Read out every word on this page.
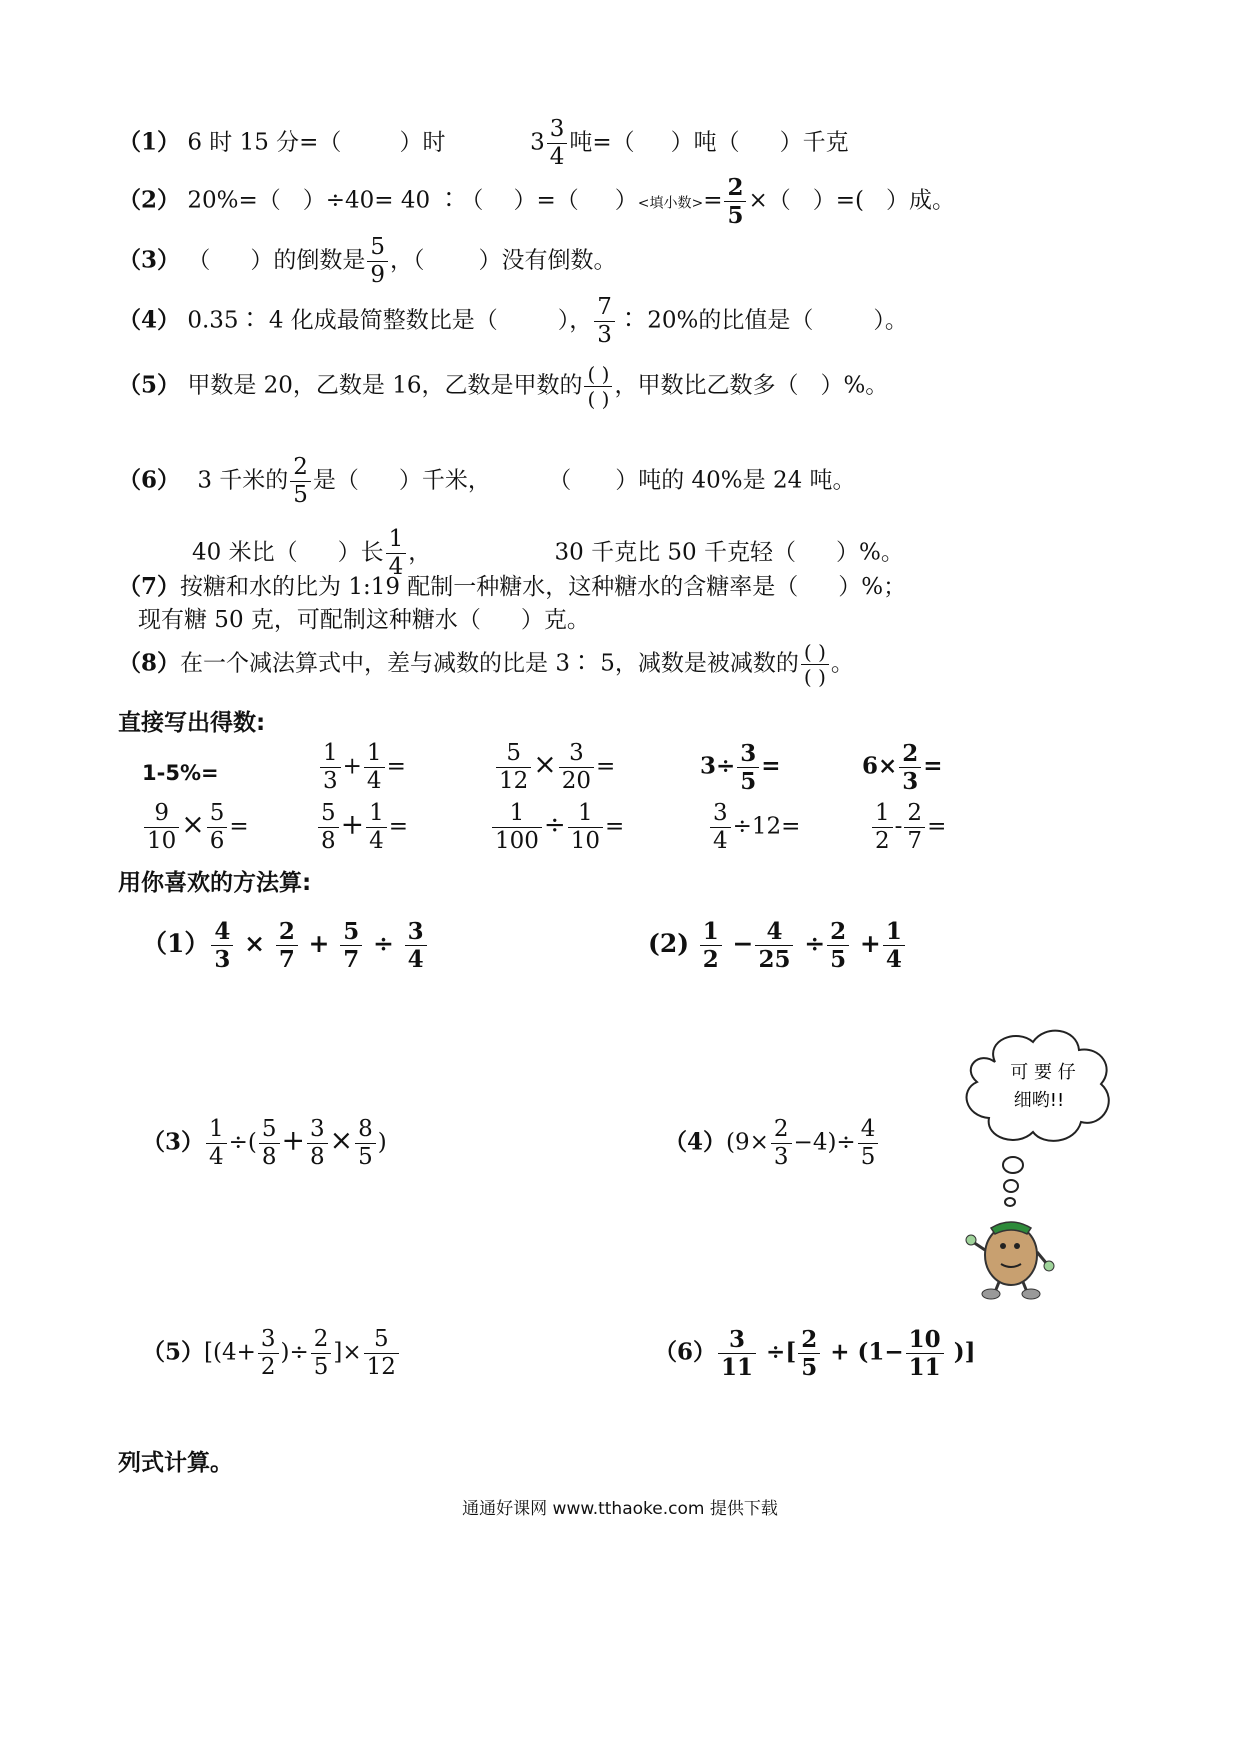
（1） 6 时 15 分=（	）时	$3 \frac{3}{4}$ 吨=（ ）吨（ ）千克
（2） 20%=（ ）÷40= 40 ∶（ ）=（ ）<填小数>= $\frac{2}{5}$ ×（ ）=( ）成。
（3） （ ）的倒数是 $\frac{5}{9}$ ，（ ）没有倒数。
（4） 0.35∶ 4 化成最简整数比是（	）， $\frac{7}{3}$ ∶ 20%的比值是（	）。
（5） 甲数是 20，乙数是 16，乙数是甲数的 $\frac{( )}{( )}$ ，甲数比乙数多（ ）%。
（6） 3 千米的 $\frac{2}{5}$ 是（ ）千米， （ ）吨的 40%是 24 吨。
40 米比（ ）长 $\frac{1}{4}$ ，	30 千克比 50 千克轻（ ）%。
（7）按糖和水的比为 1:19 配制一种糖水，这种糖水的含糖率是（ ）%；
现有糖 50 克，可配制这种糖水（ ）克。
（8）在一个减法算式中，差与减数的比是 3∶ 5，减数是被减数的 $\frac{( )}{( )}$ 。
直接写出得数:
1-5%=	$\frac{1}{3} + \frac{1}{4}$ =	$\frac{5}{12} \times \frac{3}{20}$ =	$3\div \frac{3}{5}$ =	$6\times \frac{2}{3}$ =
$\frac{9}{10} \times \frac{5}{6}$ =	$\frac{5}{8} + \frac{1}{4}$ =	$\frac{1}{100} \div \frac{1}{10}$ =	$\frac{3}{4} \div 12=$	$\frac{1}{2} - \frac{2}{7}$ =
用你喜欢的方法算:
$(1) \frac{4}{3} \times \frac{2}{7} + \frac{5}{7} \div \frac{3}{4}$	$(2) \frac{1}{2} - \frac{4}{25} \div \frac{2}{5} + \frac{1}{4}$
可 要 仔
细哟!!
$(3) \frac{1}{4}$ ÷( $\frac{5}{8} + \frac{3}{8} \times \frac{8}{5}$ )	$(4)(9\times \frac{2}{3} -4)\div \frac{4}{5}$
$(5)[(4+ \frac{3}{2}$ )÷ $\frac{2}{5}$ ]× $\frac{5}{12}$	$(6) \frac{3}{11}$ ÷[ $\frac{2}{5} + (1- \frac{10}{11}$ )]
列式计算。
通通好课网 www.tthaoke.com 提供下载
